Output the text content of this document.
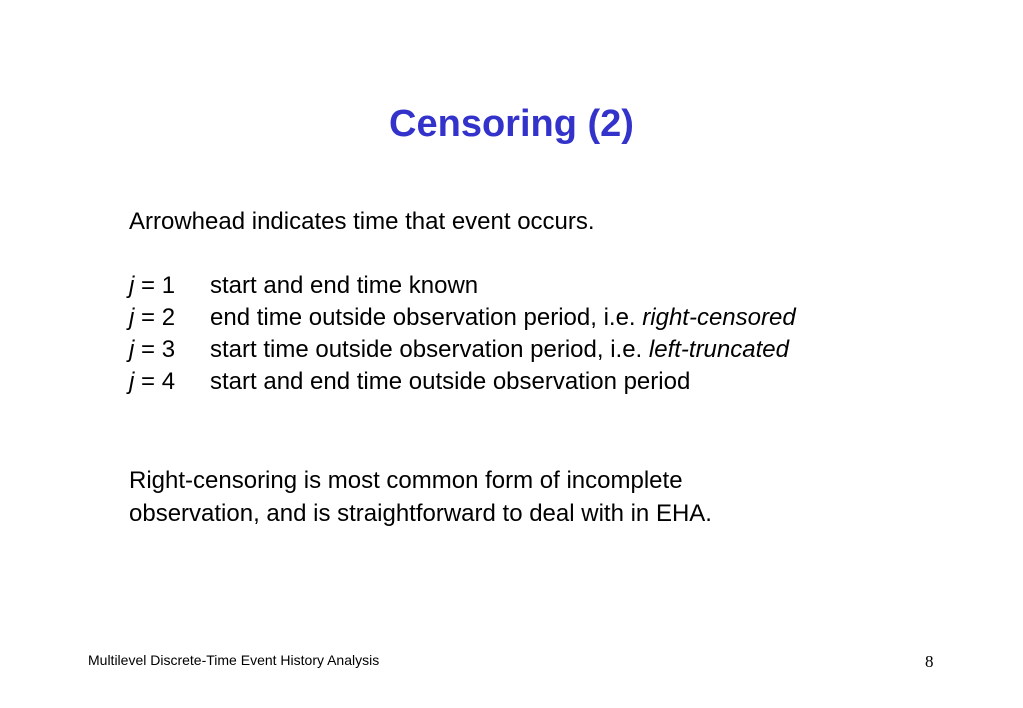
Censoring (2)
Arrowhead indicates time that event occurs.
j = 1 start and end time known
j = 2 end time outside observation period, i.e. right-censored
j = 3 start time outside observation period, i.e. left-truncated
j = 4 start and end time outside observation period
Right-censoring is most common form of incomplete
observation, and is straightforward to deal with in EHA.
Multilevel Discrete-Time Event History Analysis	8
